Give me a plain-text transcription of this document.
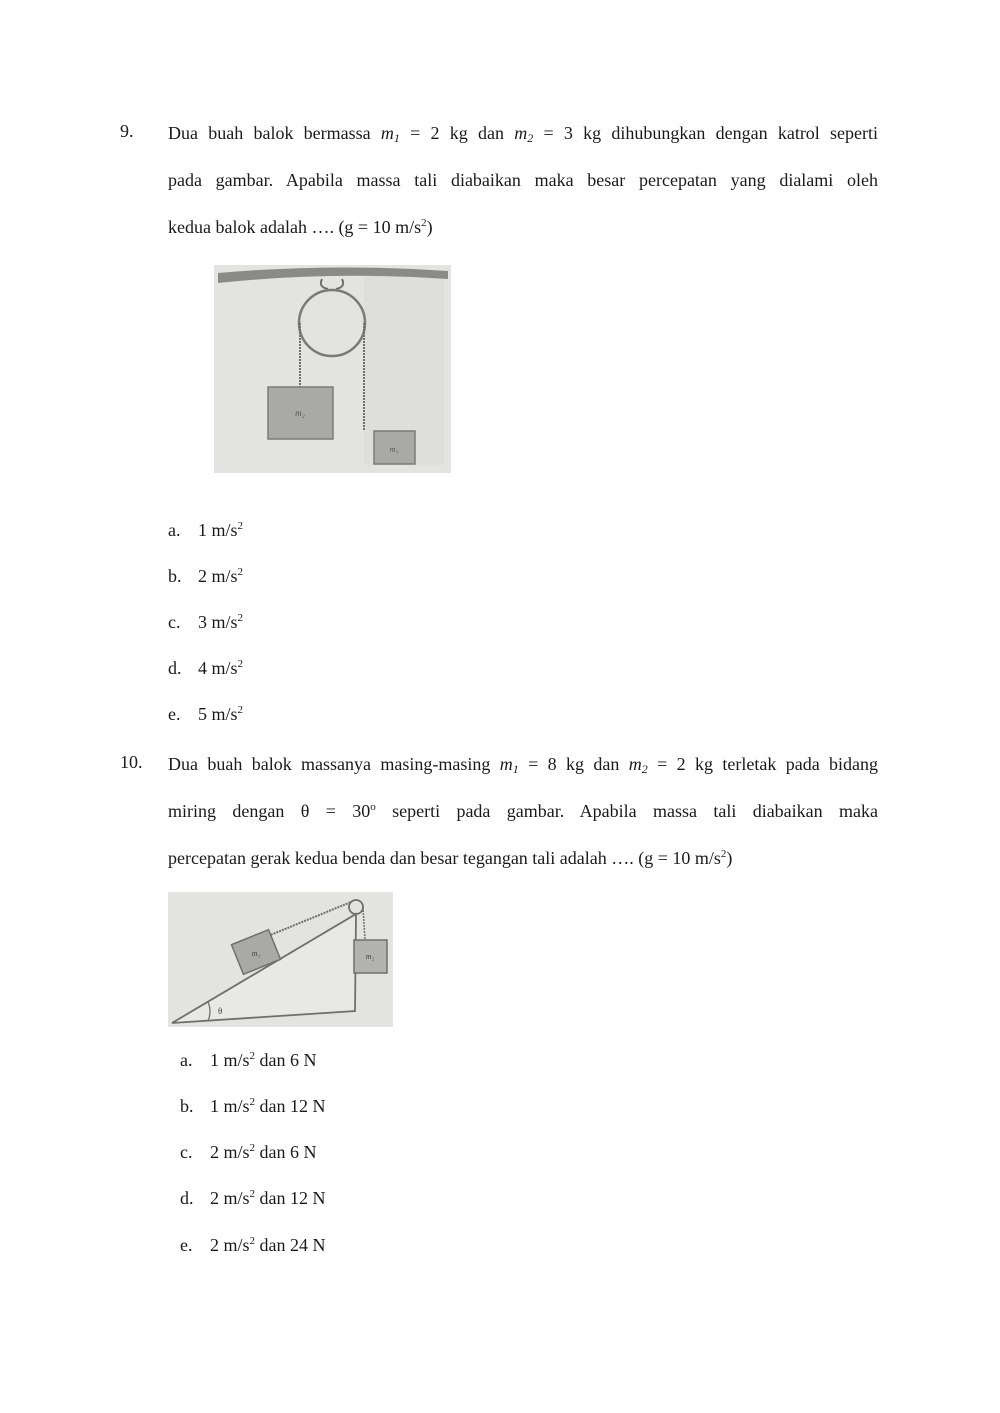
9. Dua buah balok bermassa $m_1 = 2$ kg dan $m_2 = 3$ kg dihubungkan dengan katrol seperti
pada gambar. Apabila massa tali diabaikan maka besar percepatan yang dialami oleh
kedua balok adalah …. (g = 10 $m/s^2$)
m₂
m₁
a. 1 $m/s^2$
b. 2 $m/s^2$
c. 3 $m/s^2$
d. 4 $m/s^2$
e. 5 $m/s^2$
10. Dua buah balok massanya masing-masing $m_1 = 8$ kg dan $m_2 = 2$ kg terletak pada bidang
miring dengan $\theta = 30^o$ seperti pada gambar. Apabila massa tali diabaikan maka
percepatan gerak kedua benda dan besar tegangan tali adalah …. (g = 10 $m/s^2$)
m₁	m₂
θ
a. 1 $m/s^2$ dan 6 N
b. 1 $m/s^2$ dan 12 N
c. 2 $m/s^2$ dan 6 N
d. 2 $m/s^2$ dan 12 N
e. 2 $m/s^2$ dan 24 N
